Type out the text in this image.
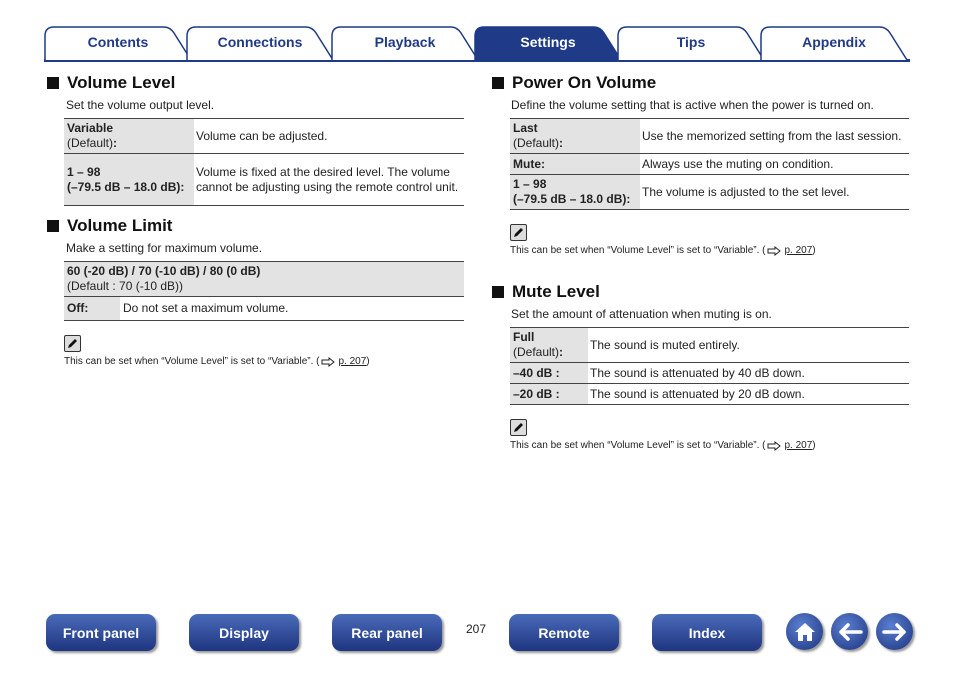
Contents	Connections	Playback	Settings	Tips	Appendix
Volume Level
Set the volume output level.
Variable
(Default):	Volume can be adjusted.

1 – 98
(–79.5 dB – 18.0 dB):	Volume is fixed at the desired level. The volume cannot be adjusting using the remote control unit.
Volume Limit
Make a setting for maximum volume.
60 (-20 dB) / 70 (-10 dB) / 80 (0 dB)
(Default : 70 (-10 dB))

Off:	Do not set a maximum volume.
This can be set when “Volume Level” is set to “Variable”. ( p. 207 )
Power On Volume
Define the volume setting that is active when the power is turned on.
Last
(Default):	Use the memorized setting from the last session.
Mute:	Always use the muting on condition.

1 – 98
(–79.5 dB – 18.0 dB):	The volume is adjusted to the set level.
This can be set when “Volume Level” is set to “Variable”. ( p. 207 )
Mute Level
Set the amount of attenuation when muting is on.
Full
(Default):	The sound is muted entirely.
–40 dB :	The sound is attenuated by 40 dB down.
–20 dB :	The sound is attenuated by 20 dB down.
This can be set when “Volume Level” is set to “Variable”. ( p. 207 )
Front panel	Display	Rear panel	207	Remote	Index
